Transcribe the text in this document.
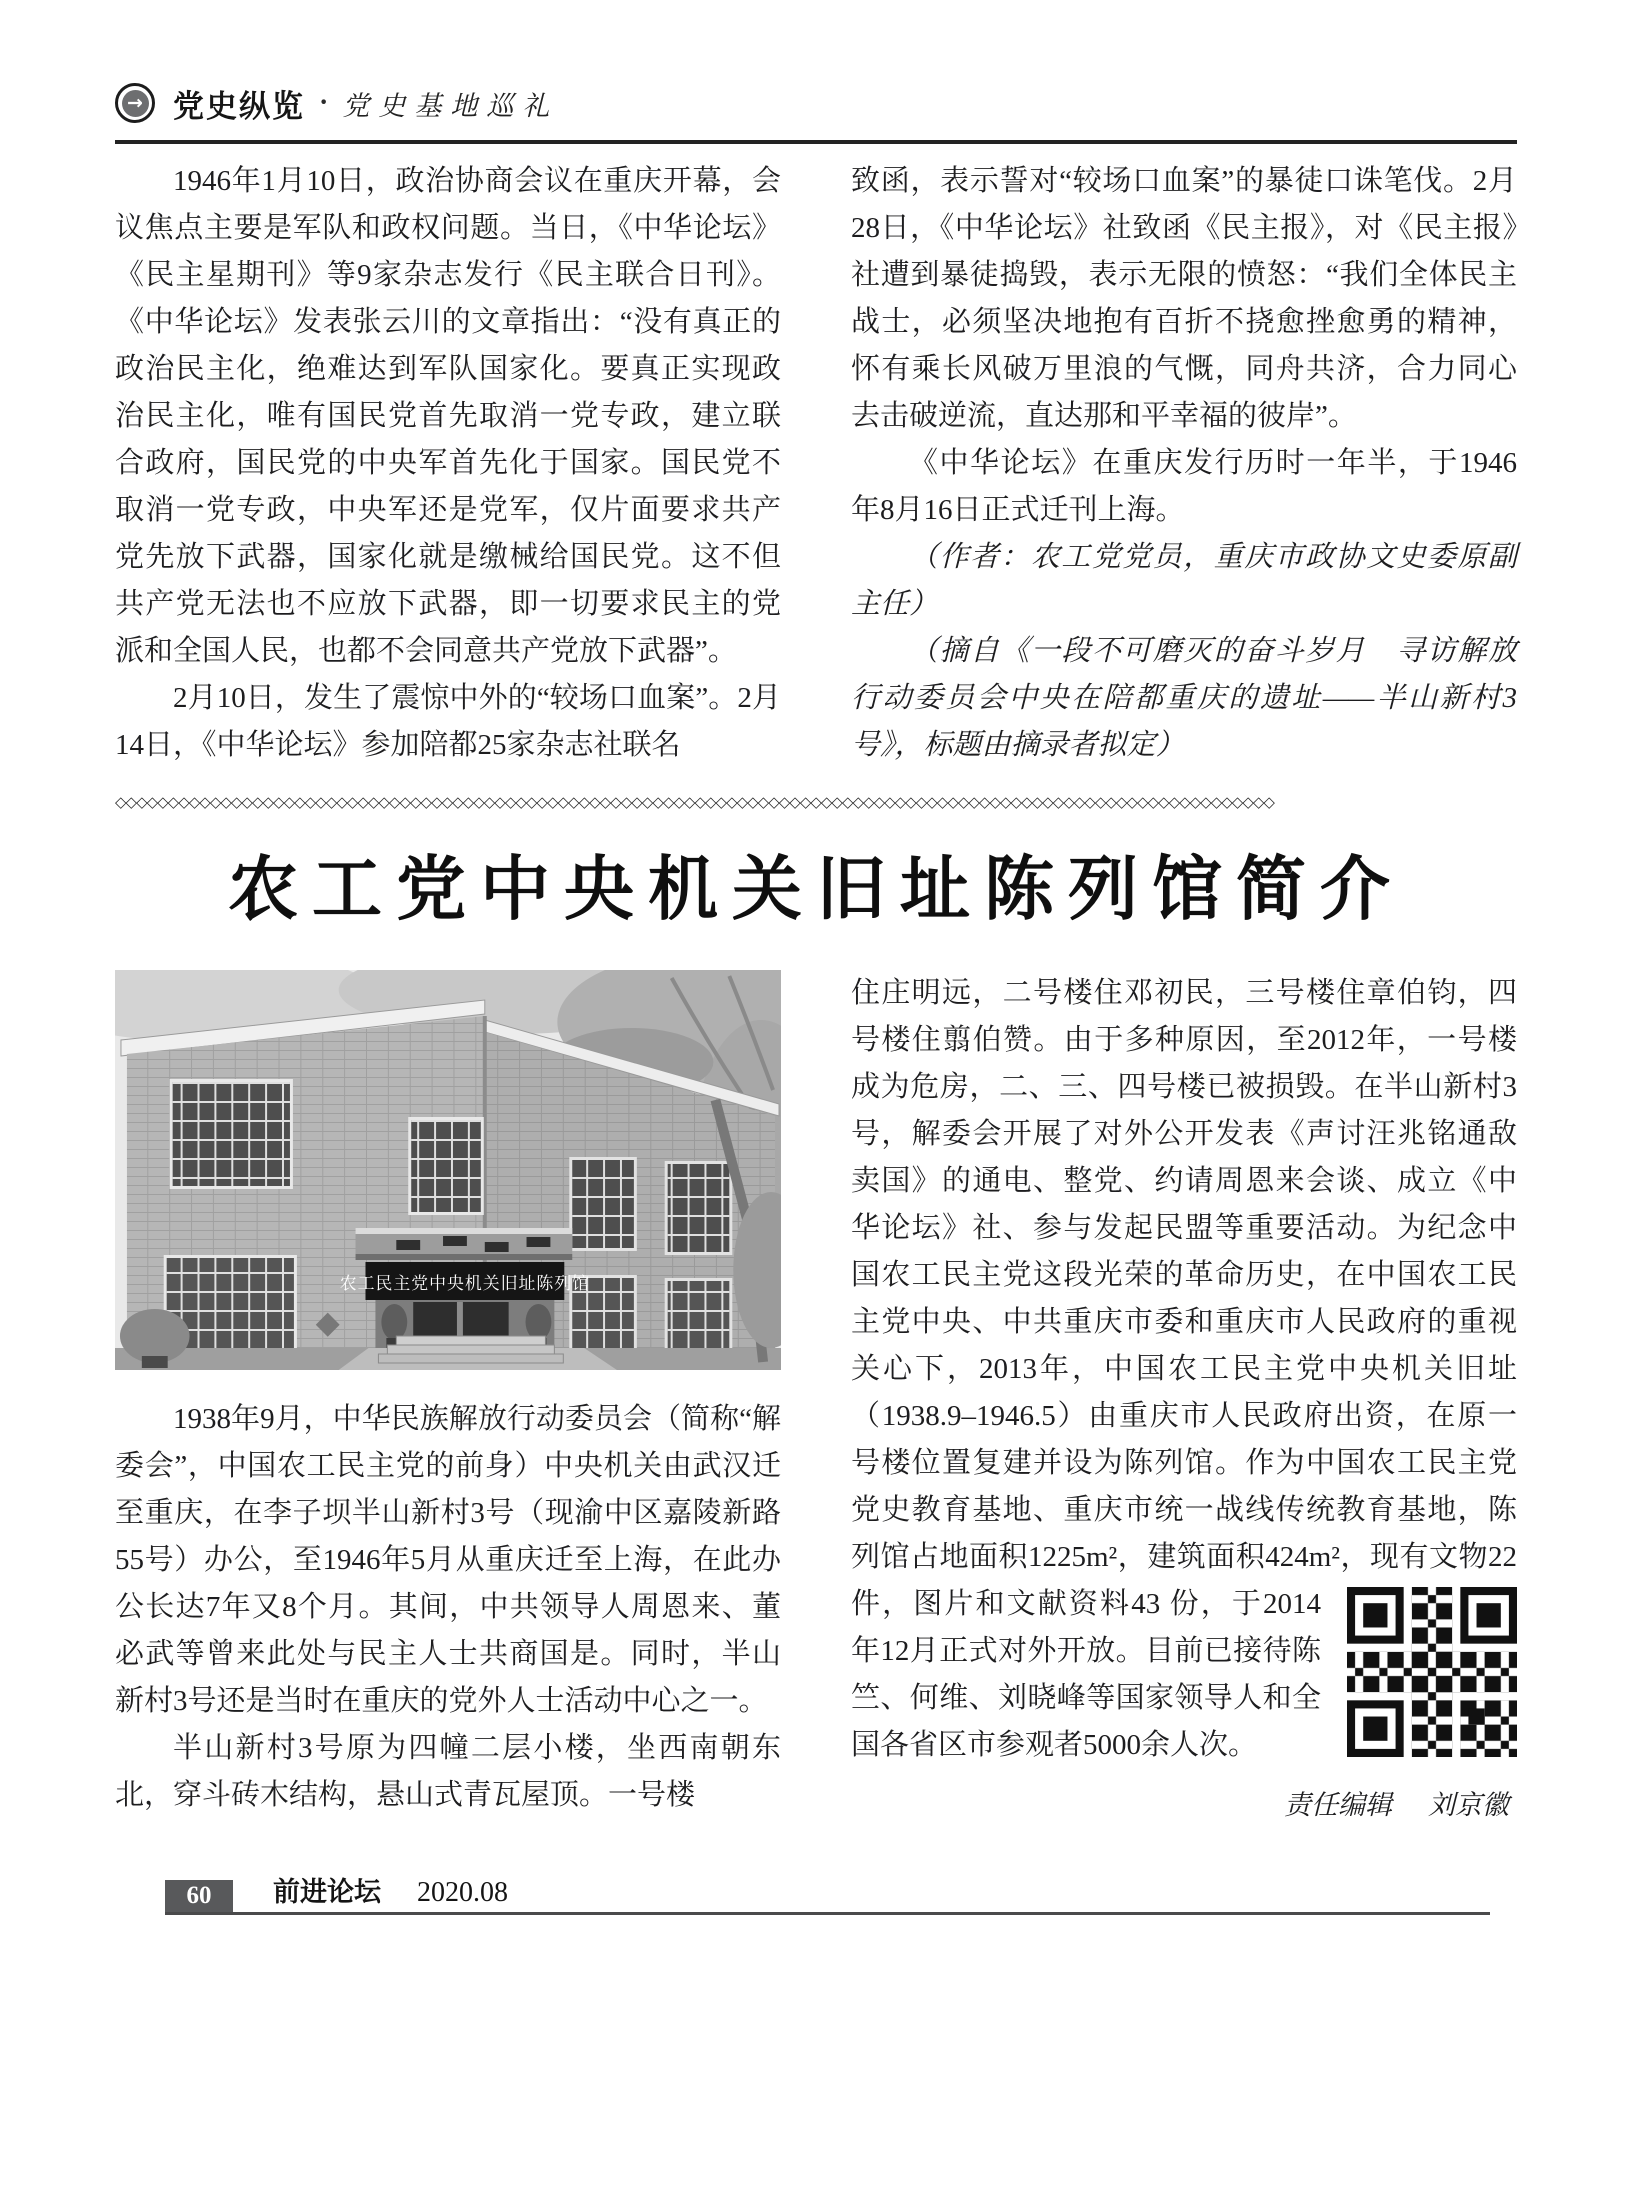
→ 党史纵览 · 党史基地巡礼

1946年1月10日，政治协商会议在重庆开幕，会议焦点主要是军队和政权问题。当日，《中华论坛》《民主星期刊》等9家杂志发行《民主联合日刊》。《中华论坛》发表张云川的文章指出：“没有真正的政治民主化，绝难达到军队国家化。要真正实现政治民主化，唯有国民党首先取消一党专政，建立联合政府，国民党的中央军首先化于国家。国民党不取消一党专政，中央军还是党军，仅片面要求共产党先放下武器，国家化就是缴械给国民党。这不但共产党无法也不应放下武器，即一切要求民主的党派和全国人民，也都不会同意共产党放下武器”。

2月10日，发生了震惊中外的“较场口血案”。2月14日，《中华论坛》参加陪都25家杂志社联名

致函，表示誓对“较场口血案”的暴徒口诛笔伐。2月28日，《中华论坛》社致函《民主报》，对《民主报》社遭到暴徒捣毁，表示无限的愤怒：“我们全体民主战士，必须坚决地抱有百折不挠愈挫愈勇的精神，怀有乘长风破万里浪的气慨，同舟共济，合力同心去击破逆流，直达那和平幸福的彼岸”。

《中华论坛》在重庆发行历时一年半，于1946年8月16日正式迁刊上海。

（作者：农工党党员，重庆市政协文史委原副主任）

（摘自《一段不可磨灭的奋斗岁月　寻访解放行动委员会中央在陪都重庆的遗址——半山新村3号》，标题由摘录者拟定）

◇◇◇◇◇◇◇◇◇◇◇◇◇◇◇◇◇◇◇◇◇◇◇◇◇◇◇◇◇◇◇◇◇◇◇◇◇◇◇◇◇◇◇◇◇◇◇◇◇◇◇◇◇◇◇◇◇◇◇◇◇◇◇◇◇◇◇◇◇◇◇◇◇◇◇◇◇◇◇◇◇◇◇◇◇◇◇◇◇◇◇◇◇◇◇◇◇◇◇◇◇◇◇◇◇◇◇◇◇◇
农工党中央机关旧址陈列馆简介
农工民主党中央机关旧址陈列馆

1938年9月，中华民族解放行动委员会（简称“解委会”，中国农工民主党的前身）中央机关由武汉迁至重庆，在李子坝半山新村3号（现渝中区嘉陵新路55号）办公，至1946年5月从重庆迁至上海，在此办公长达7年又8个月。其间，中共领导人周恩来、董必武等曾来此处与民主人士共商国是。同时，半山新村3号还是当时在重庆的党外人士活动中心之一。

半山新村3号原为四幢二层小楼，坐西南朝东北，穿斗砖木结构，悬山式青瓦屋顶。一号楼

住庄明远，二号楼住邓初民，三号楼住章伯钧，四号楼住翦伯赞。由于多种原因，至2012年，一号楼成为危房，二、三、四号楼已被损毁。在半山新村3号，解委会开展了对外公开发表《声讨汪兆铭通敌卖国》的通电、整党、约请周恩来会谈、成立《中华论坛》社、参与发起民盟等重要活动。为纪念中国农工民主党这段光荣的革命历史，在中国农工民主党中央、中共重庆市委和重庆市人民政府的重视关心下，2013年，中国农工民主党中央机关旧址（1938.9–1946.5）由重庆市人民政府出资，在原一号楼位置复建并设为陈列馆。作为中国农工民主党党史教育基地、重庆市统一战线传统教育基地，陈列馆占地面积1225m²，建筑面积424m²，现有文物22件，图片和文献资料43 份，于2014年12月正式对外开放。目前已接待陈竺、何维、刘晓峰等国家领导人和全国各省区市参观者5000余人次。

责任编辑 刘京徽

60	前进论坛 2020.08
